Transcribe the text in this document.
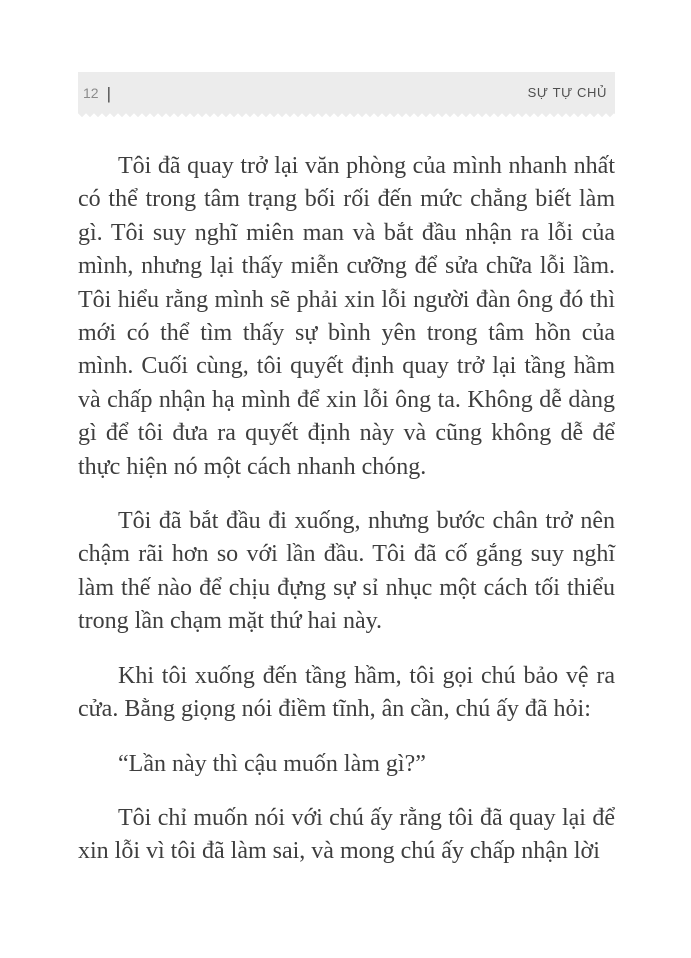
12 |	SỰ TỰ CHỦ

Tôi đã quay trở lại văn phòng của mình nhanh nhất có thể trong tâm trạng bối rối đến mức chẳng biết làm gì. Tôi suy nghĩ miên man và bắt đầu nhận ra lỗi của mình, nhưng lại thấy miễn cưỡng để sửa chữa lỗi lầm. Tôi hiểu rằng mình sẽ phải xin lỗi người đàn ông đó thì mới có thể tìm thấy sự bình yên trong tâm hồn của mình. Cuối cùng, tôi quyết định quay trở lại tầng hầm và chấp nhận hạ mình để xin lỗi ông ta. Không dễ dàng gì để tôi đưa ra quyết định này và cũng không dễ để thực hiện nó một cách nhanh chóng.

Tôi đã bắt đầu đi xuống, nhưng bước chân trở nên chậm rãi hơn so với lần đầu. Tôi đã cố gắng suy nghĩ làm thế nào để chịu đựng sự sỉ nhục một cách tối thiểu trong lần chạm mặt thứ hai này.

Khi tôi xuống đến tầng hầm, tôi gọi chú bảo vệ ra cửa. Bằng giọng nói điềm tĩnh, ân cần, chú ấy đã hỏi:

“Lần này thì cậu muốn làm gì?”

Tôi chỉ muốn nói với chú ấy rằng tôi đã quay lại để xin lỗi vì tôi đã làm sai, và mong chú ấy chấp nhận lời
